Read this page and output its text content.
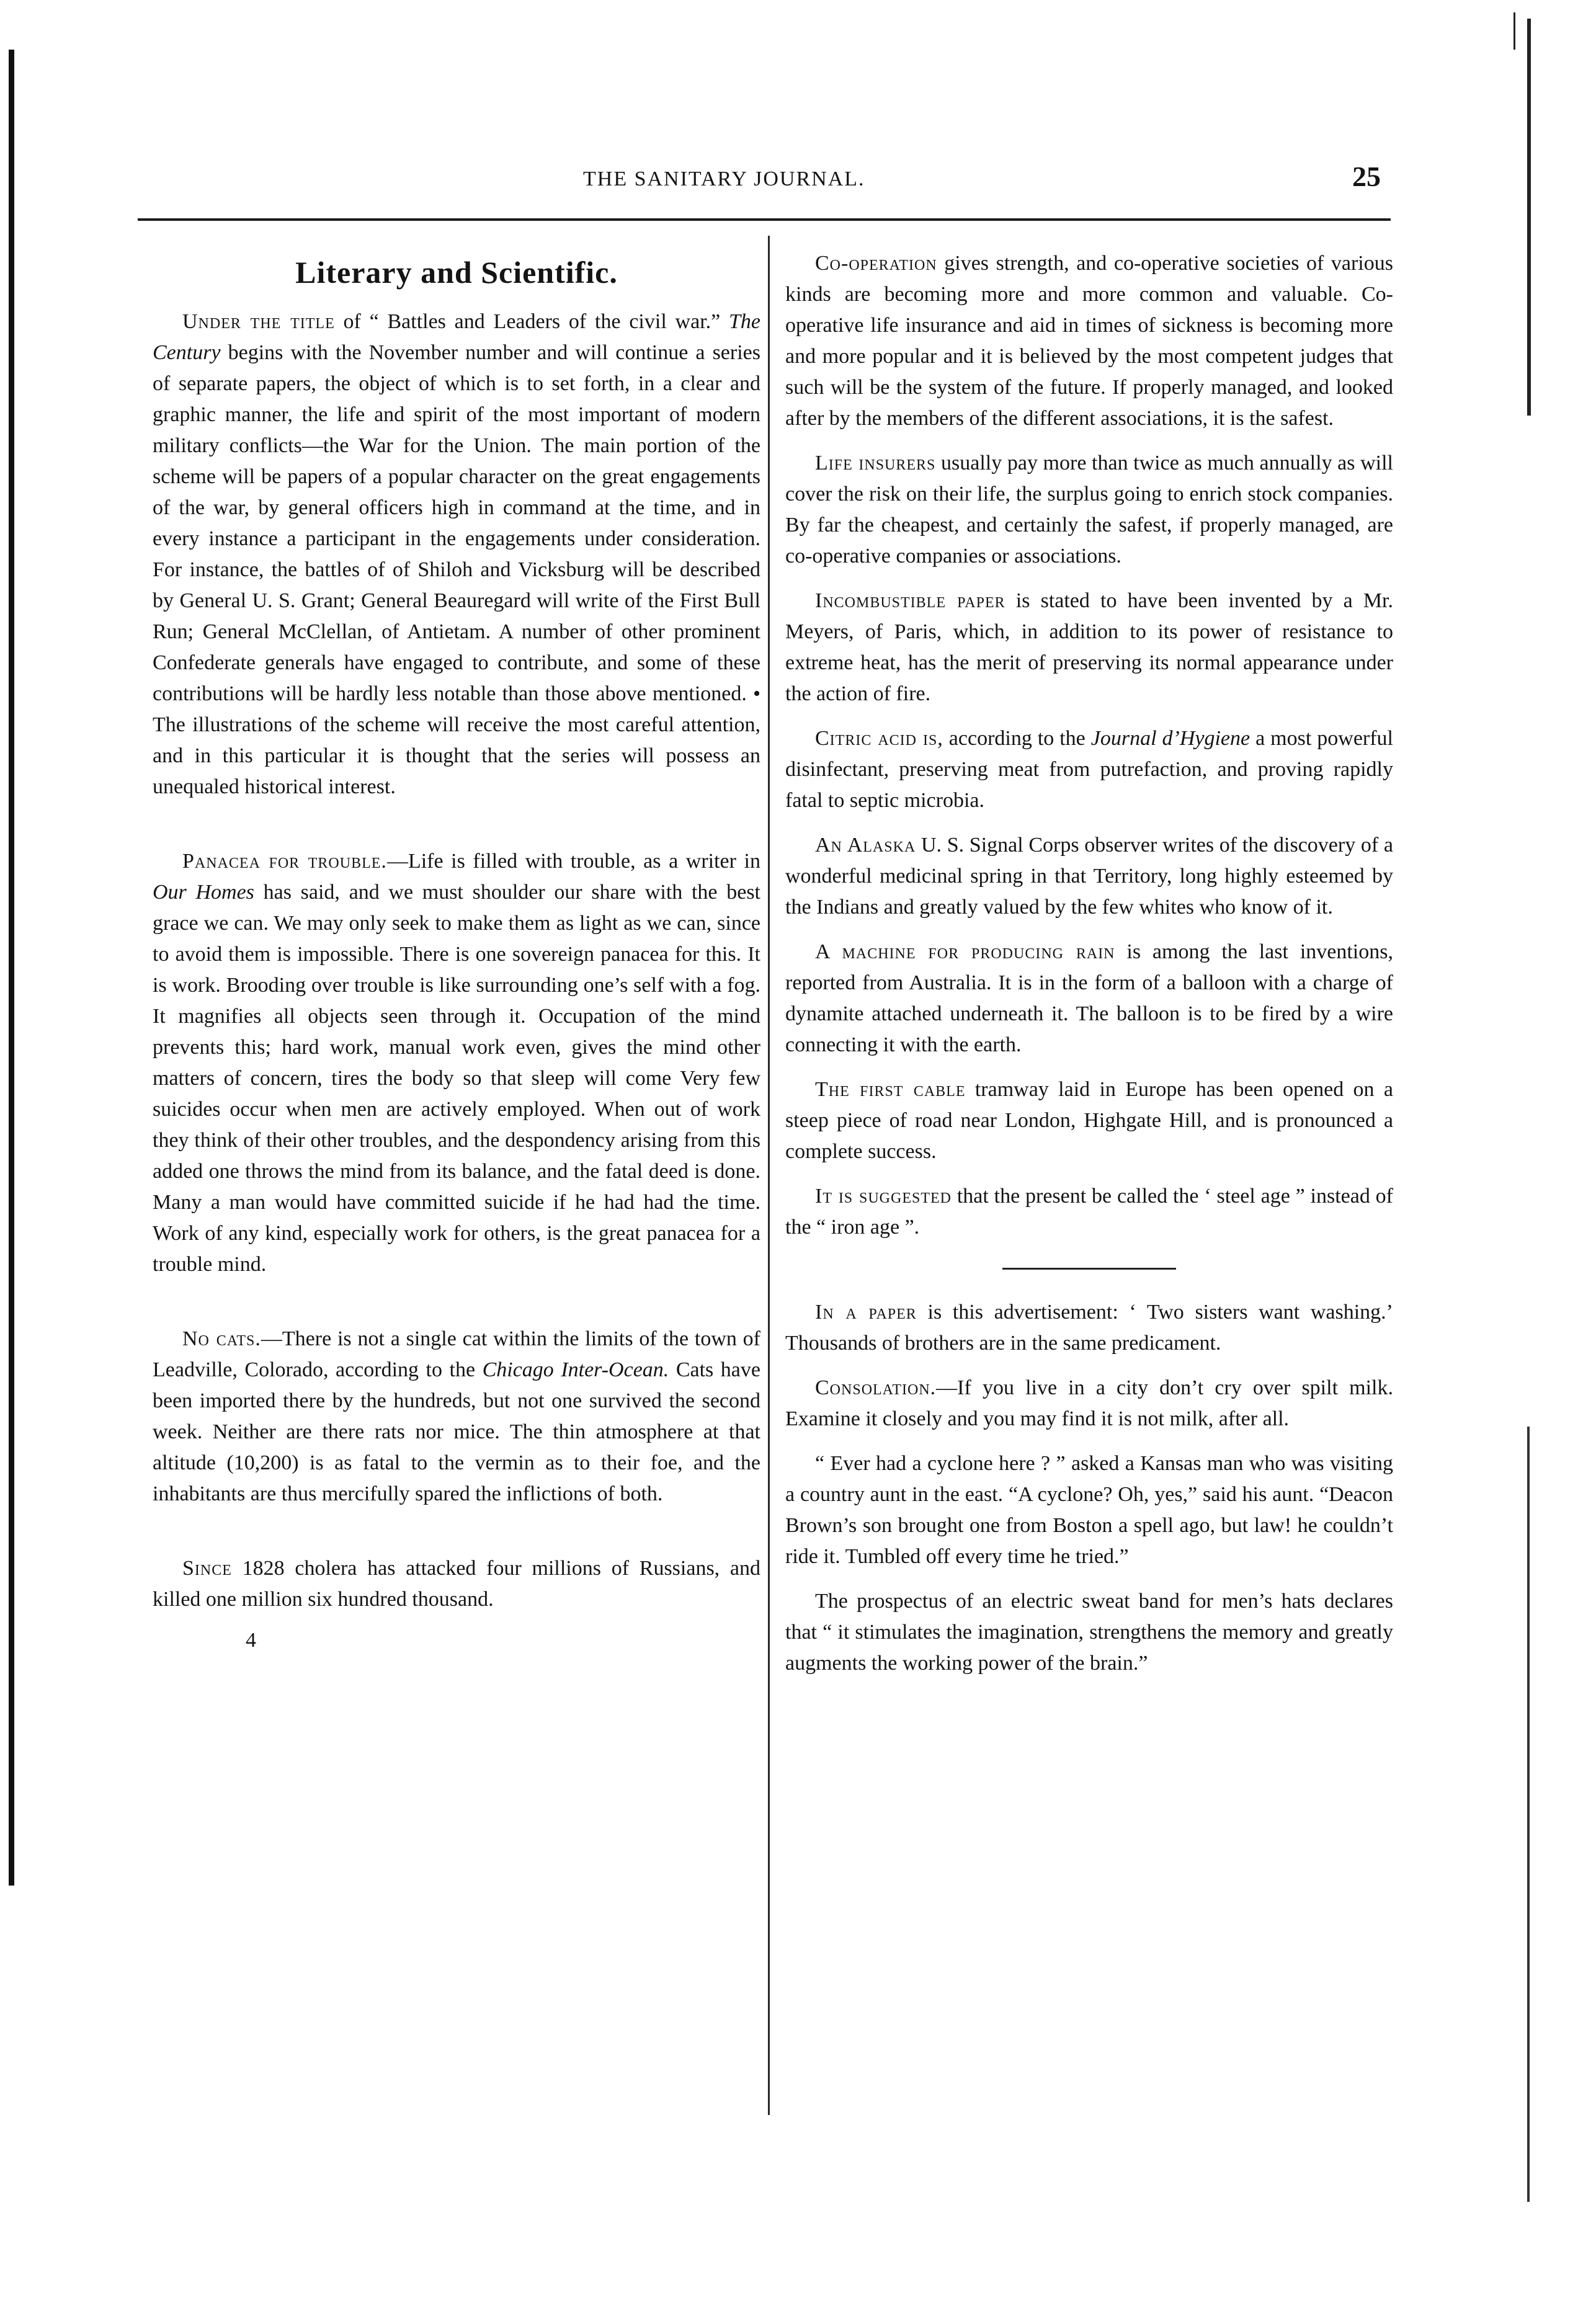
THE SANITARY JOURNAL.	25
Literary and Scientific.

Under the title of “ Battles and Leaders of the civil war.” The Century begins with the November number and will continue a series of separate papers, the object of which is to set forth, in a clear and graphic manner, the life and spirit of the most important of modern military conflicts—the War for the Union. The main portion of the scheme will be papers of a popular character on the great engagements of the war, by general officers high in command at the time, and in every instance a participant in the engagements under consideration. For instance, the battles of of Shiloh and Vicksburg will be described by General U. S. Grant; General Beauregard will write of the First Bull Run; General McClellan, of Antietam. A number of other prominent Confederate generals have engaged to contribute, and some of these contributions will be hardly less notable than those above mentioned. • The illustrations of the scheme will receive the most careful attention, and in this particular it is thought that the series will possess an unequaled historical interest.

Panacea for trouble.—Life is filled with trouble, as a writer in Our Homes has said, and we must shoulder our share with the best grace we can. We may only seek to make them as light as we can, since to avoid them is impossible. There is one sovereign panacea for this. It is work. Brooding over trouble is like surrounding one’s self with a fog. It magnifies all objects seen through it. Occupation of the mind prevents this; hard work, manual work even, gives the mind other matters of concern, tires the body so that sleep will come Very few suicides occur when men are actively employed. When out of work they think of their other troubles, and the despondency arising from this added one throws the mind from its balance, and the fatal deed is done. Many a man would have committed suicide if he had had the time. Work of any kind, especially work for others, is the great panacea for a trouble mind.

No cats.—There is not a single cat within the limits of the town of Leadville, Colorado, according to the Chicago Inter-Ocean. Cats have been imported there by the hundreds, but not one survived the second week. Neither are there rats nor mice. The thin atmosphere at that altitude (10,200) is as fatal to the vermin as to their foe, and the inhabitants are thus mercifully spared the inflictions of both.

Since 1828 cholera has attacked four millions of Russians, and killed one million six hundred thousand.

4

Co-operation gives strength, and co-operative societies of various kinds are becoming more and more common and valuable. Co-operative life insurance and aid in times of sickness is becoming more and more popular and it is believed by the most competent judges that such will be the system of the future. If properly managed, and looked after by the members of the different associations, it is the safest.

Life insurers usually pay more than twice as much annually as will cover the risk on their life, the surplus going to enrich stock companies. By far the cheapest, and certainly the safest, if properly managed, are co-operative companies or associations.

Incombustible paper is stated to have been invented by a Mr. Meyers, of Paris, which, in addition to its power of resistance to extreme heat, has the merit of preserving its normal appearance under the action of fire.

Citric acid is, according to the Journal d’Hygiene a most powerful disinfectant, preserving meat from putrefaction, and proving rapidly fatal to septic microbia.

An Alaska U. S. Signal Corps observer writes of the discovery of a wonderful medicinal spring in that Territory, long highly esteemed by the Indians and greatly valued by the few whites who know of it.

A machine for producing rain is among the last inventions, reported from Australia. It is in the form of a balloon with a charge of dynamite attached underneath it. The balloon is to be fired by a wire connecting it with the earth.

The first cable tramway laid in Europe has been opened on a steep piece of road near London, Highgate Hill, and is pronounced a complete success.

It is suggested that the present be called the ‘ steel age ” instead of the “ iron age ”.

In a paper is this advertisement: ‘ Two sisters want washing.’ Thousands of brothers are in the same predicament.

Consolation.—If you live in a city don’t cry over spilt milk. Examine it closely and you may find it is not milk, after all.

“ Ever had a cyclone here ? ” asked a Kansas man who was visiting a country aunt in the east. “A cyclone? Oh, yes,” said his aunt. “Deacon Brown’s son brought one from Boston a spell ago, but law! he couldn’t ride it. Tumbled off every time he tried.”

The prospectus of an electric sweat band for men’s hats declares that “ it stimulates the imagination, strengthens the memory and greatly augments the working power of the brain.”
